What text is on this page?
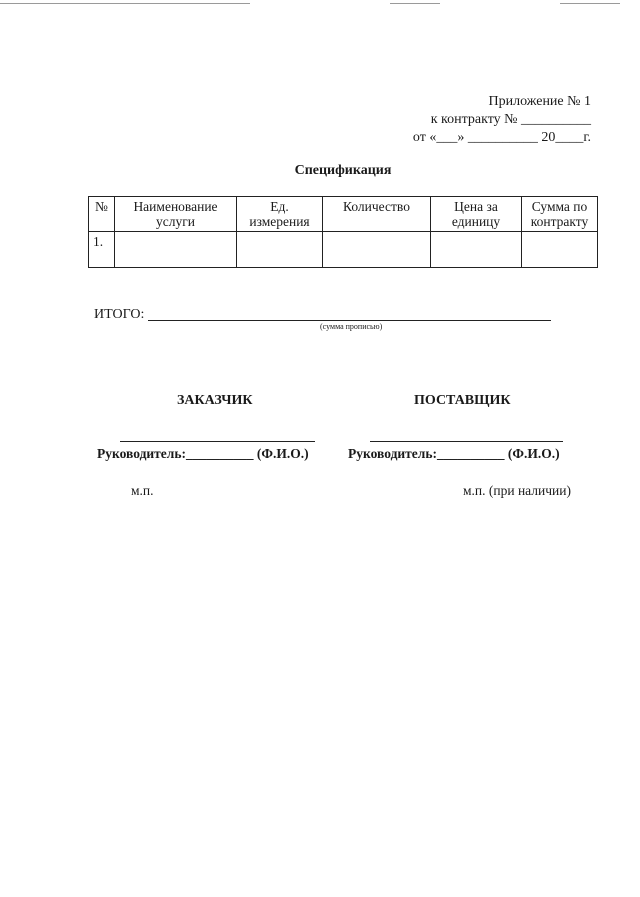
Приложение № 1
к контракту № __________
от «___» __________ 20____г.
Спецификация
№	Наименование услуги	Ед. измерения	Количество	Цена за единицу	Сумма по контракту
1.					
ИТОГО:
(сумма прописью)
ЗАКАЗЧИК	ПОСТАВЩИК
Руководитель:__________ (Ф.И.О.)	Руководитель:__________ (Ф.И.О.)
м.п.	м.п. (при наличии)
